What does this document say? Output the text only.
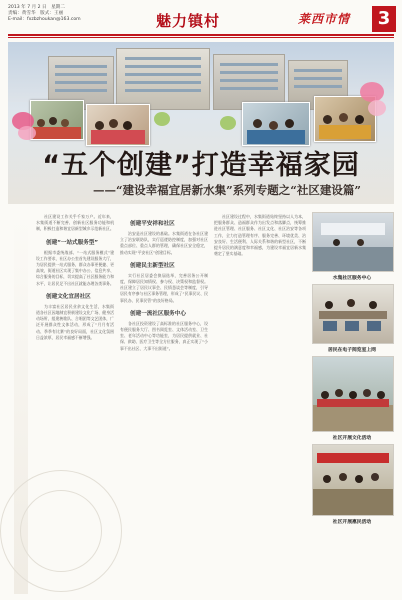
2013 年 7 月 2 日　星期二
责编：黄雪华　版式：王丽
E-mail：fxzbzhoukan@163.com	魅力镇村	莱西市情	3
“五个创建”打造幸福家园
——“建设幸福宜居新水集”系列专题之“社区建设篇”

社区建设工作关乎千家万户。近年来，水集街道不断完善、创新社区服务功能和机制，积极打造和谐宜居新型城乡示范新社区。

创建“一站式服务型”

根据市委统战部、“一站式服务模式”建设工作要求，社区办公室首先建设服务大厅，为居民提供一站式服务，群众办事更便捷、更高效，街道社区实现了集中办公、信息共享、综合服务的目标，切实提高了社区服务能力和水平，让居民足不出社区就能办理各类事务。

创建文化宜居社区

为丰富社区居民业余文化生活，水集街道各社区因地制宜积极建设文化广场、健身活动场所，组建秧歌队、合唱团等文艺团体，广泛开展群众性文体活动，形成了“月月有活动、季季有比赛”的良好局面，社区文化氛围日益浓厚，居民幸福感不断增强。

创建平安祥和社区

治安是社区建设的基础。水集街道在各社区建立了治安联防队，实行巡逻防控制度，加强对社区重点部位、重点人群的管理，确保社区安全稳定，推动实现“平安社区”创建目标。

创建民主新型社区

实行社区居委会换届选举，完善居务公开制度，保障居民知情权、参与权、决策权和监督权。社区建立了居民议事会、民情恳谈会等制度，引导居民有序参与社区事务管理，形成了“民事民议、民事民办、民事民管”的良好格局。

创建一流社区服务中心

各社区投资建设了高标准的社区服务中心，设有便民服务大厅、图书阅览室、文体活动室、卫生室、老年活动中心等功能室，为居民提供就业、社保、救助、医疗卫生等全方位服务，真正实现了“小事不出社区、大事不出街道”。

社区建设过程中，水集街道始终坚持以人为本，把服务群众、造福群众作为出发点和落脚点，统筹推进社区管理、社区服务、社区文化、社区治安等各项工作，全力打造管理有序、服务完善、环境优美、治安良好、生活便利、人际关系和谐的新型社区，不断提升居民的满意度和幸福感，为建设幸福宜居新水集奠定了坚实基础。

水集社区服务中心
居民在电子阅览室上网
社区开展文化活动
社区开展惠民活动
